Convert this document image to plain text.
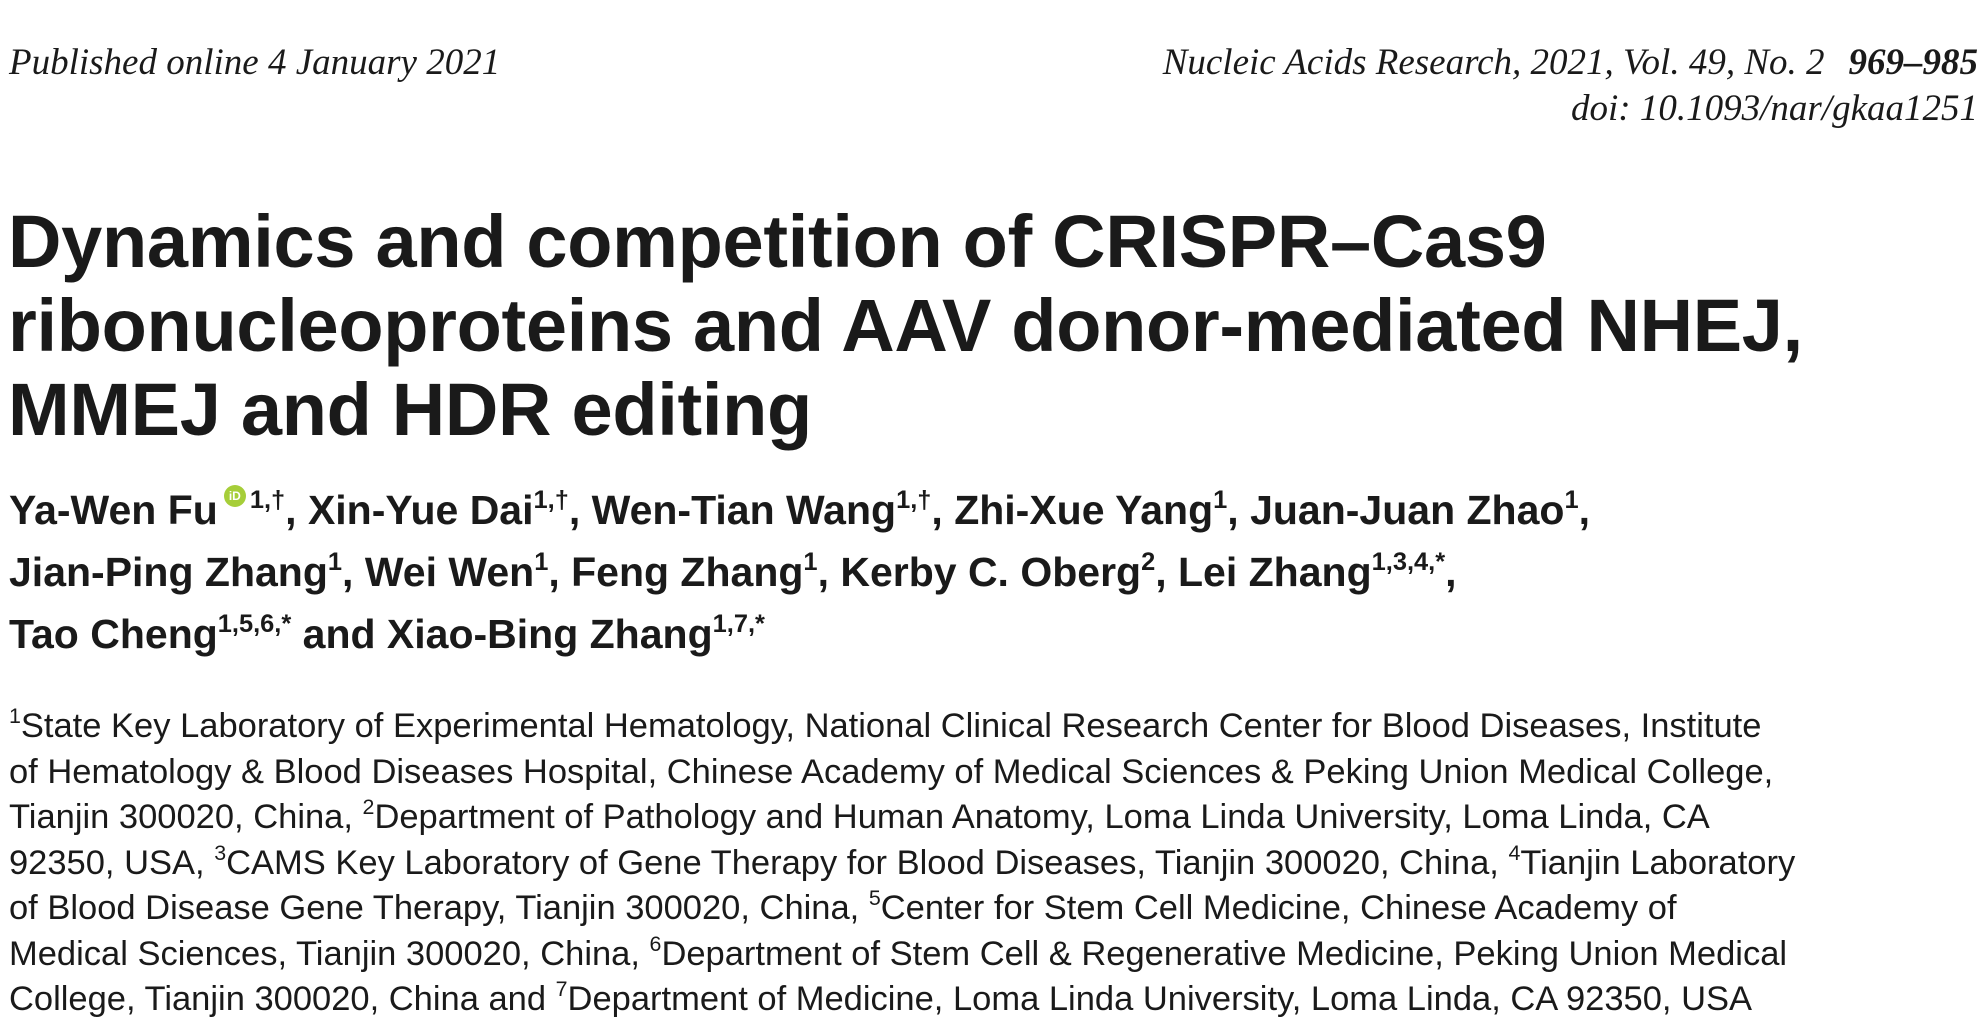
Published online 4 January 2021	Nucleic Acids Research, 2021, Vol. 49, No. 2 969–985
doi: 10.1093/nar/gkaa1251
Dynamics and competition of CRISPR–Cas9
ribonucleoproteins and AAV donor-mediated NHEJ,
MMEJ and HDR editing
Ya-Wen Fu iD $^{1,\dagger}$, Xin-Yue Dai$^{1,\dagger}$, Wen-Tian Wang$^{1,\dagger}$, Zhi-Xue Yang$^1$, Juan-Juan Zhao$^1$,
Jian-Ping Zhang$^1$, Wei Wen$^1$, Feng Zhang$^1$, Kerby C. Oberg$^2$, Lei Zhang$^{1,3,4,*}$,
Tao Cheng$^{1,5,6,*}$ and Xiao-Bing Zhang$^{1,7,*}$
$^1$State Key Laboratory of Experimental Hematology, National Clinical Research Center for Blood Diseases, Institute
of Hematology & Blood Diseases Hospital, Chinese Academy of Medical Sciences & Peking Union Medical College,
Tianjin 300020, China, $^2$Department of Pathology and Human Anatomy, Loma Linda University, Loma Linda, CA
92350, USA, $^3$CAMS Key Laboratory of Gene Therapy for Blood Diseases, Tianjin 300020, China, $^4$Tianjin Laboratory
of Blood Disease Gene Therapy, Tianjin 300020, China, $^5$Center for Stem Cell Medicine, Chinese Academy of
Medical Sciences, Tianjin 300020, China, $^6$Department of Stem Cell & Regenerative Medicine, Peking Union Medical
College, Tianjin 300020, China and $^7$Department of Medicine, Loma Linda University, Loma Linda, CA 92350, USA
